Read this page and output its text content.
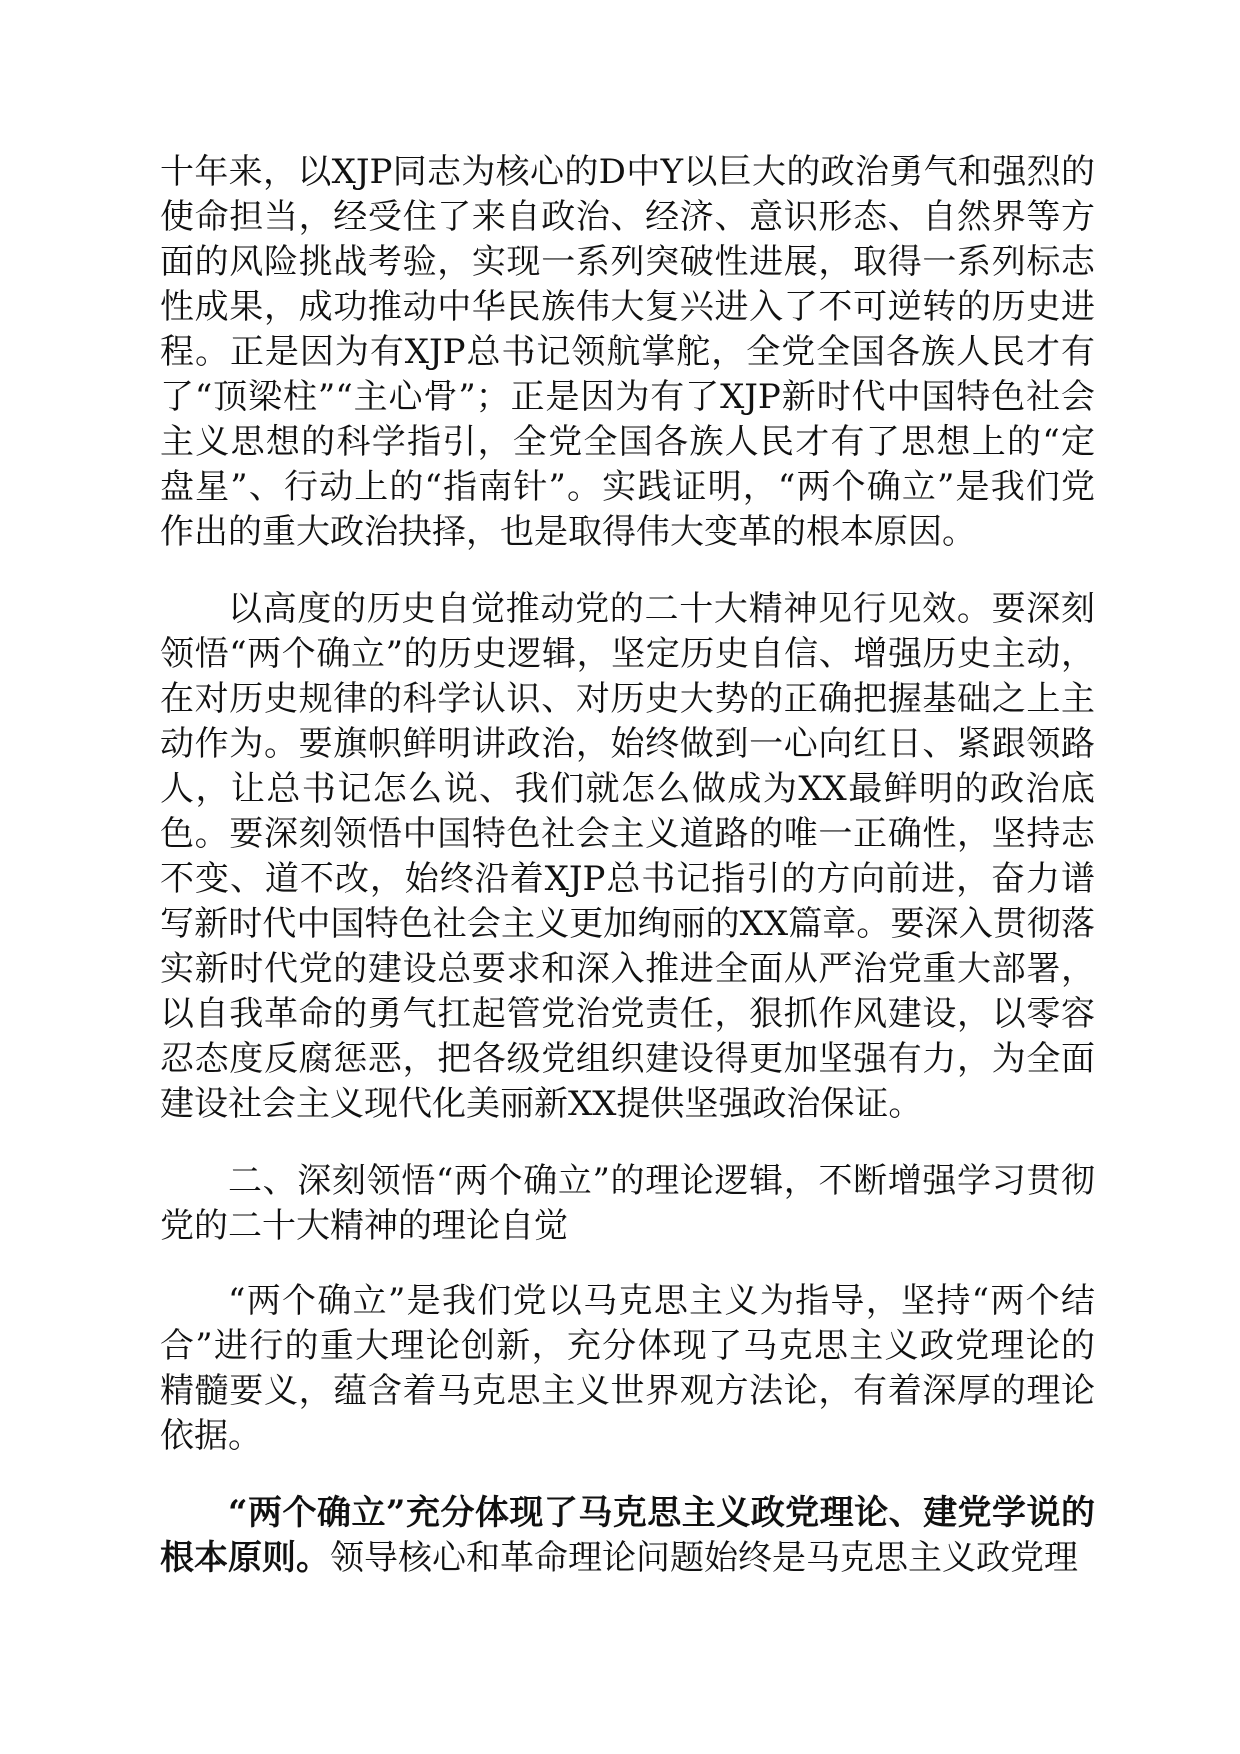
十年来，以XJP同志为核心的D中Y以巨大的政治勇气和强烈的使命担当，经受住了来自政治、经济、意识形态、自然界等方面的风险挑战考验，实现一系列突破性进展，取得一系列标志性成果，成功推动中华民族伟大复兴进入了不可逆转的历史进程。正是因为有XJP总书记领航掌舵，全党全国各族人民才有了“顶梁柱”“主心骨”；正是因为有了XJP新时代中国特色社会主义思想的科学指引，全党全国各族人民才有了思想上的“定盘星”、行动上的“指南针”。实践证明，“两个确立”是我们党作出的重大政治抉择，也是取得伟大变革的根本原因。

以高度的历史自觉推动党的二十大精神见行见效。要深刻领悟“两个确立”的历史逻辑，坚定历史自信、增强历史主动，在对历史规律的科学认识、对历史大势的正确把握基础之上主动作为。要旗帜鲜明讲政治，始终做到一心向红日、紧跟领路人，让总书记怎么说、我们就怎么做成为XX最鲜明的政治底色。要深刻领悟中国特色社会主义道路的唯一正确性，坚持志不变、道不改，始终沿着XJP总书记指引的方向前进，奋力谱写新时代中国特色社会主义更加绚丽的XX篇章。要深入贯彻落实新时代党的建设总要求和深入推进全面从严治党重大部署，以自我革命的勇气扛起管党治党责任，狠抓作风建设，以零容忍态度反腐惩恶，把各级党组织建设得更加坚强有力，为全面建设社会主义现代化美丽新XX提供坚强政治保证。

二、深刻领悟“两个确立”的理论逻辑，不断增强学习贯彻党的二十大精神的理论自觉

“两个确立”是我们党以马克思主义为指导，坚持“两个结合”进行的重大理论创新，充分体现了马克思主义政党理论的精髓要义，蕴含着马克思主义世界观方法论，有着深厚的理论依据。

“两个确立”充分体现了马克思主义政党理论、建党学说的根本原则。领导核心和革命理论问题始终是马克思主义政党理
